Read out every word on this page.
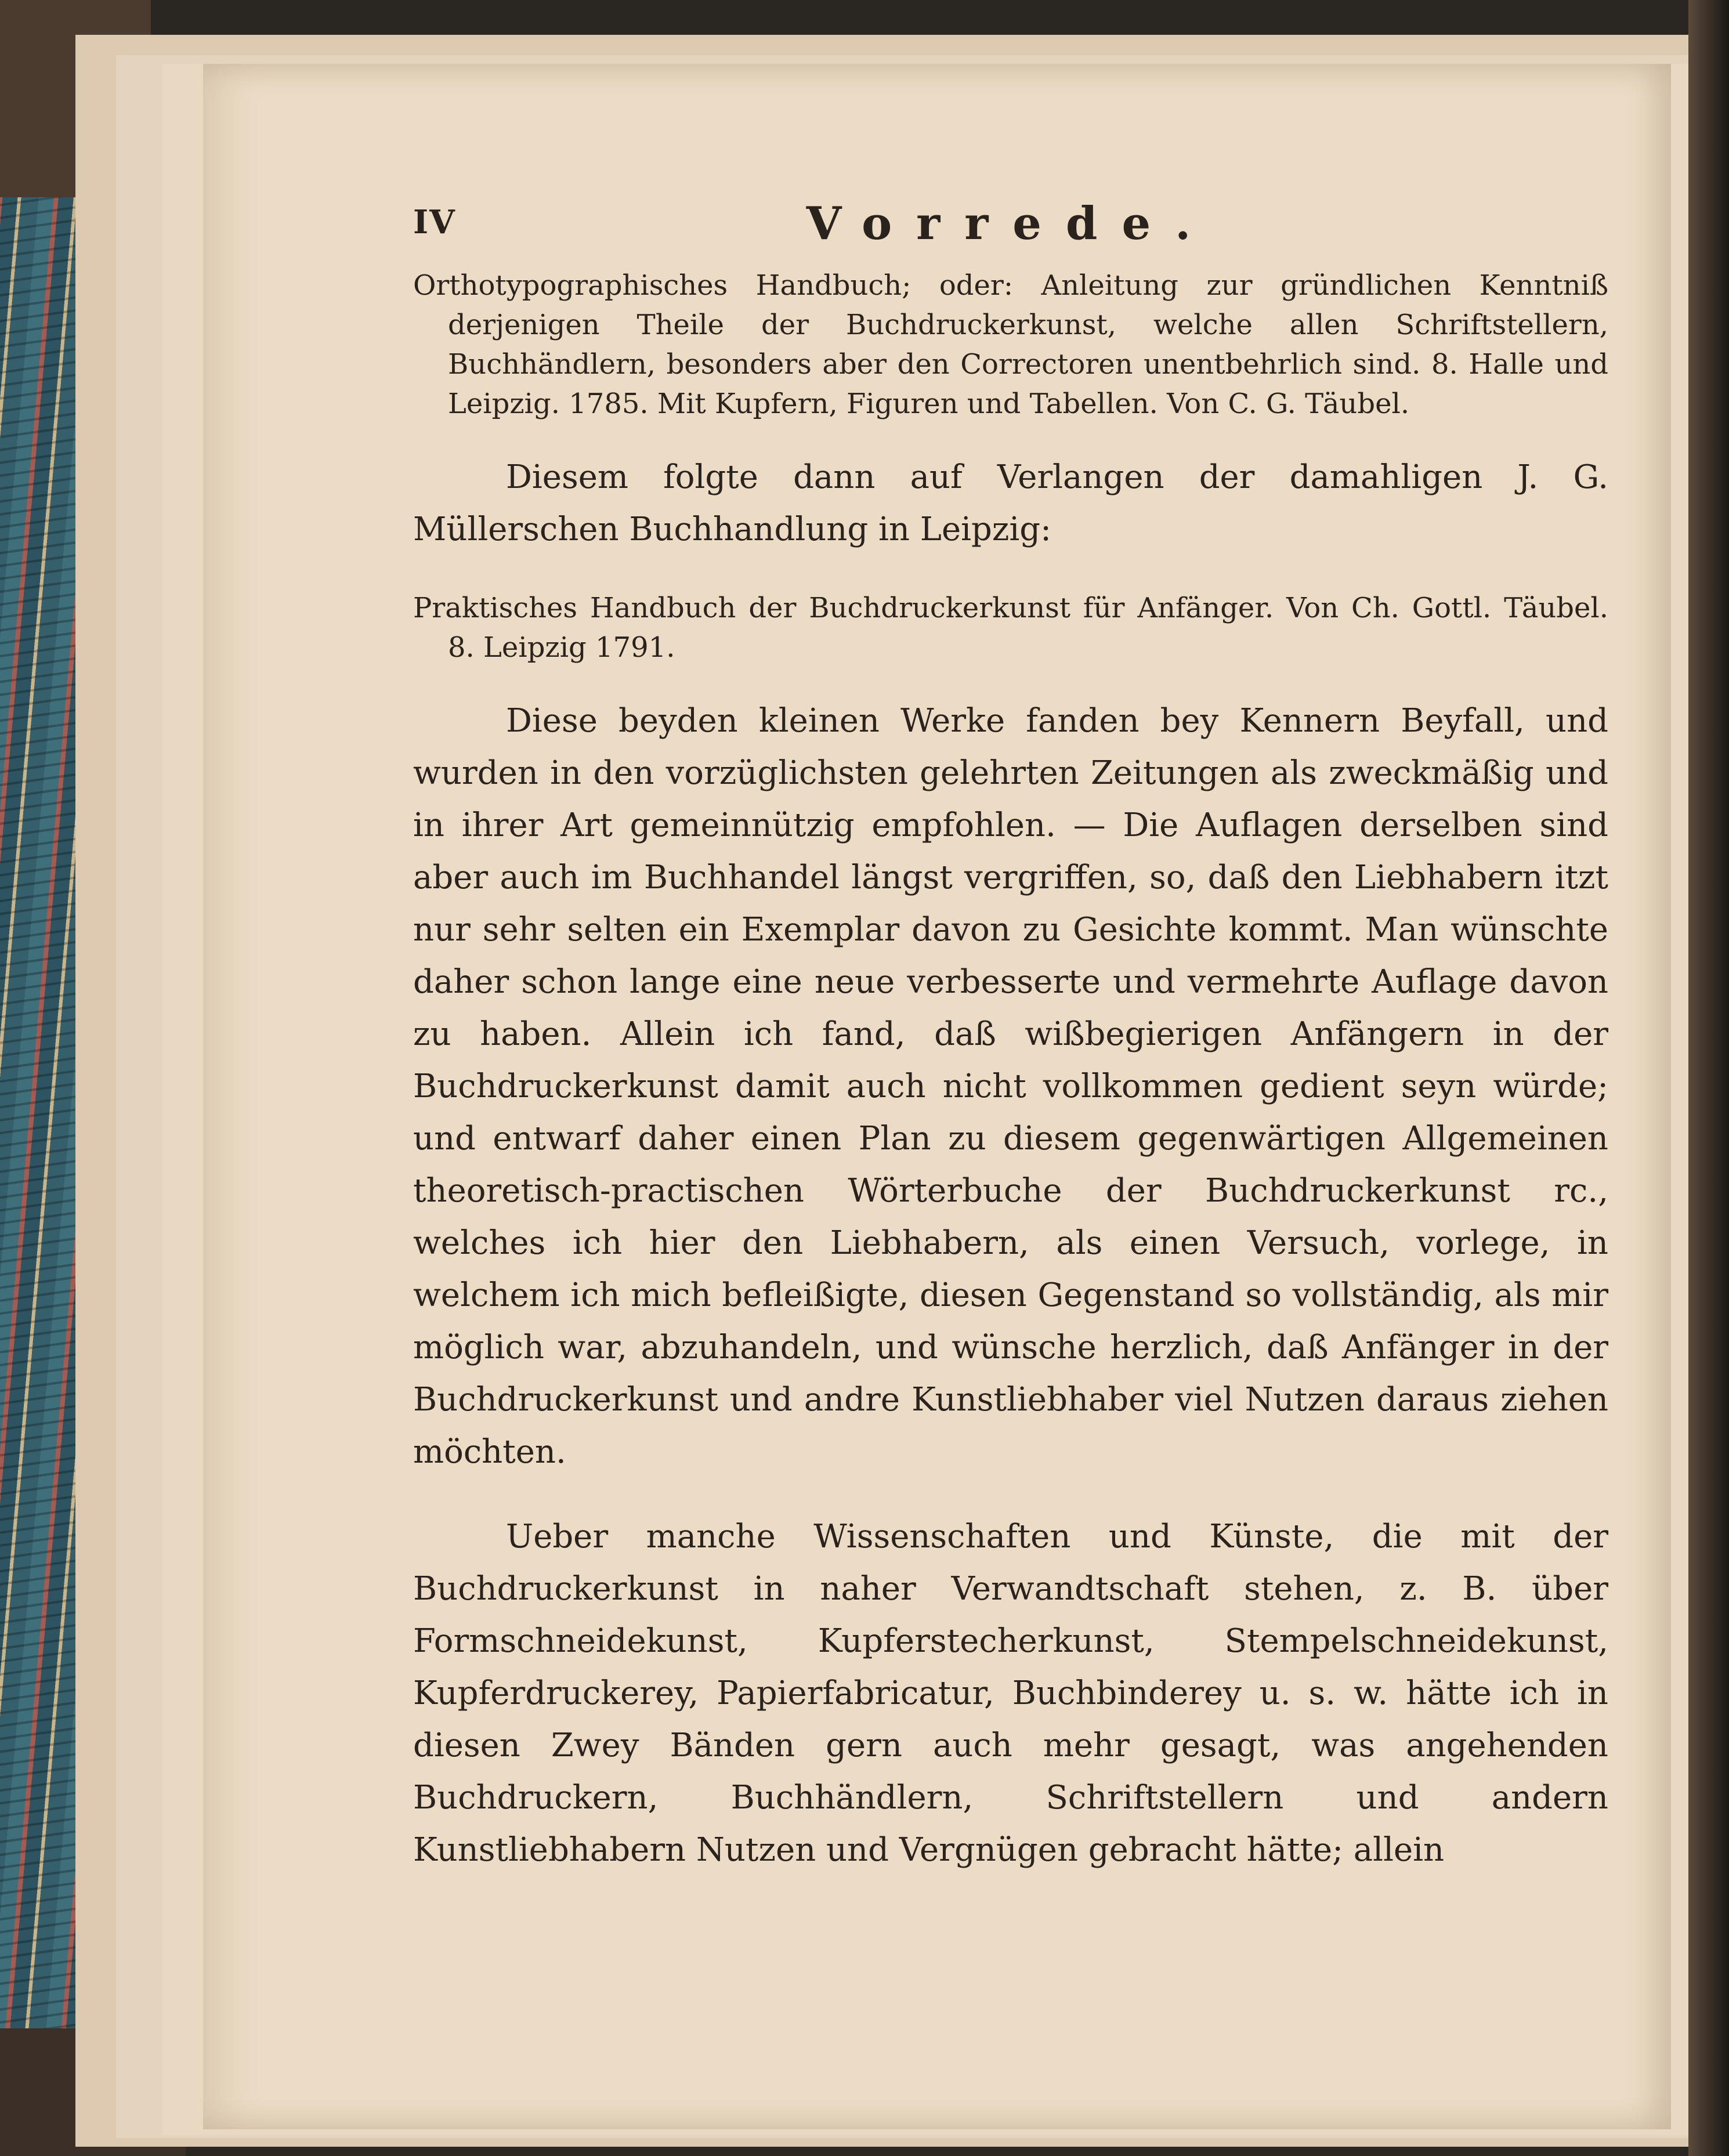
IV	Vorrede.

Orthotypographisches Handbuch; oder: Anleitung zur gründlichen Kenntniß derjenigen Theile der Buchdruckerkunst, welche allen Schriftstellern, Buchhändlern, besonders aber den Correctoren unentbehrlich sind. 8. Halle und Leipzig. 1785. Mit Kupfern, Figuren und Tabellen. Von C. G. Täubel.

Diesem folgte dann auf Verlangen der damahligen J. G. Müllerschen Buchhandlung in Leipzig:

Praktisches Handbuch der Buchdruckerkunst für Anfänger. Von Ch. Gottl. Täubel. 8. Leipzig 1791.

Diese beyden kleinen Werke fanden bey Kennern Beyfall, und wurden in den vorzüglichsten gelehrten Zeitungen als zweckmäßig und in ihrer Art gemeinnützig empfohlen. — Die Auflagen derselben sind aber auch im Buchhandel längst vergriffen, so, daß den Liebhabern itzt nur sehr selten ein Exemplar davon zu Gesichte kommt. Man wünschte daher schon lange eine neue verbesserte und vermehrte Auflage davon zu haben. Allein ich fand, daß wißbegierigen Anfängern in der Buchdruckerkunst damit auch nicht vollkommen gedient seyn würde; und entwarf daher einen Plan zu diesem gegenwärtigen Allgemeinen theoretisch-practischen Wörterbuche der Buchdruckerkunst rc., welches ich hier den Liebhabern, als einen Versuch, vorlege, in welchem ich mich befleißigte, diesen Gegenstand so vollständig, als mir möglich war, abzuhandeln, und wünsche herzlich, daß Anfänger in der Buchdruckerkunst und andre Kunstliebhaber viel Nutzen daraus ziehen möchten.

Ueber manche Wissenschaften und Künste, die mit der Buchdruckerkunst in naher Verwandtschaft stehen, z. B. über Formschneidekunst, Kupferstecherkunst, Stempelschneidekunst, Kupferdruckerey, Papierfabricatur, Buchbinderey u. s. w. hätte ich in diesen Zwey Bänden gern auch mehr gesagt, was angehenden Buchdruckern, Buchhändlern, Schriftstellern und andern Kunstliebhabern Nutzen und Vergnügen gebracht hätte; allein
